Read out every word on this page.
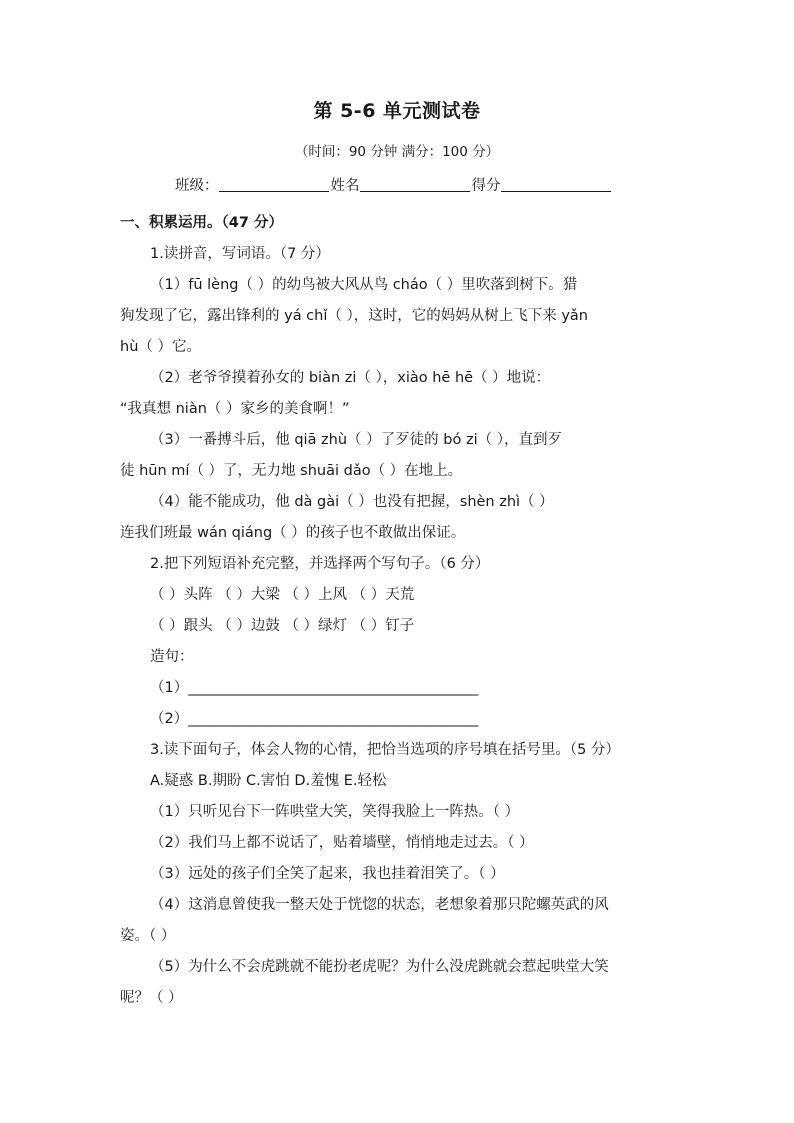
第 5-6 单元测试卷
（时间：90 分钟 满分：100 分）
班级：	姓名	得分
一、积累运用。（47 分）
1.读拼音，写词语。（7 分）
（1）fū lèng（ ）的幼鸟被大风从鸟 cháo（ ）里吹落到树下。猎
狗发现了它，露出锋利的 yá chǐ（ ），这时，它的妈妈从树上飞下来 yǎn
hù（ ）它。
（2）老爷爷摸着孙女的 biàn zi（ ），xiào hē hē（ ）地说：
“我真想 niàn（ ）家乡的美食啊！”
（3）一番搏斗后，他 qiā zhù（ ）了歹徒的 bó zi（ ），直到歹
徒 hūn mí（ ）了，无力地 shuāi dǎo（ ）在地上。
（4）能不能成功，他 dà gài（ ）也没有把握，shèn zhì（ ）
连我们班最 wán qiáng（ ）的孩子也不敢做出保证。
2.把下列短语补充完整，并选择两个写句子。（6 分）
（ ）头阵 （ ）大梁 （ ）上风 （ ）天荒
（ ）跟头 （ ）边鼓 （ ）绿灯 （ ）钉子
造句：
（1）________________________________________
（2）________________________________________
3.读下面句子，体会人物的心情，把恰当选项的序号填在括号里。（5 分）
A.疑惑 B.期盼 C.害怕 D.羞愧 E.轻松
（1）只听见台下一阵哄堂大笑，笑得我脸上一阵热。（ ）
（2）我们马上都不说话了，贴着墙壁，悄悄地走过去。（ ）
（3）远处的孩子们全笑了起来，我也挂着泪笑了。（ ）
（4）这消息曾使我一整天处于恍惚的状态，老想象着那只陀螺英武的风
姿。（ ）
（5）为什么不会虎跳就不能扮老虎呢？为什么没虎跳就会惹起哄堂大笑
呢？（ ）
